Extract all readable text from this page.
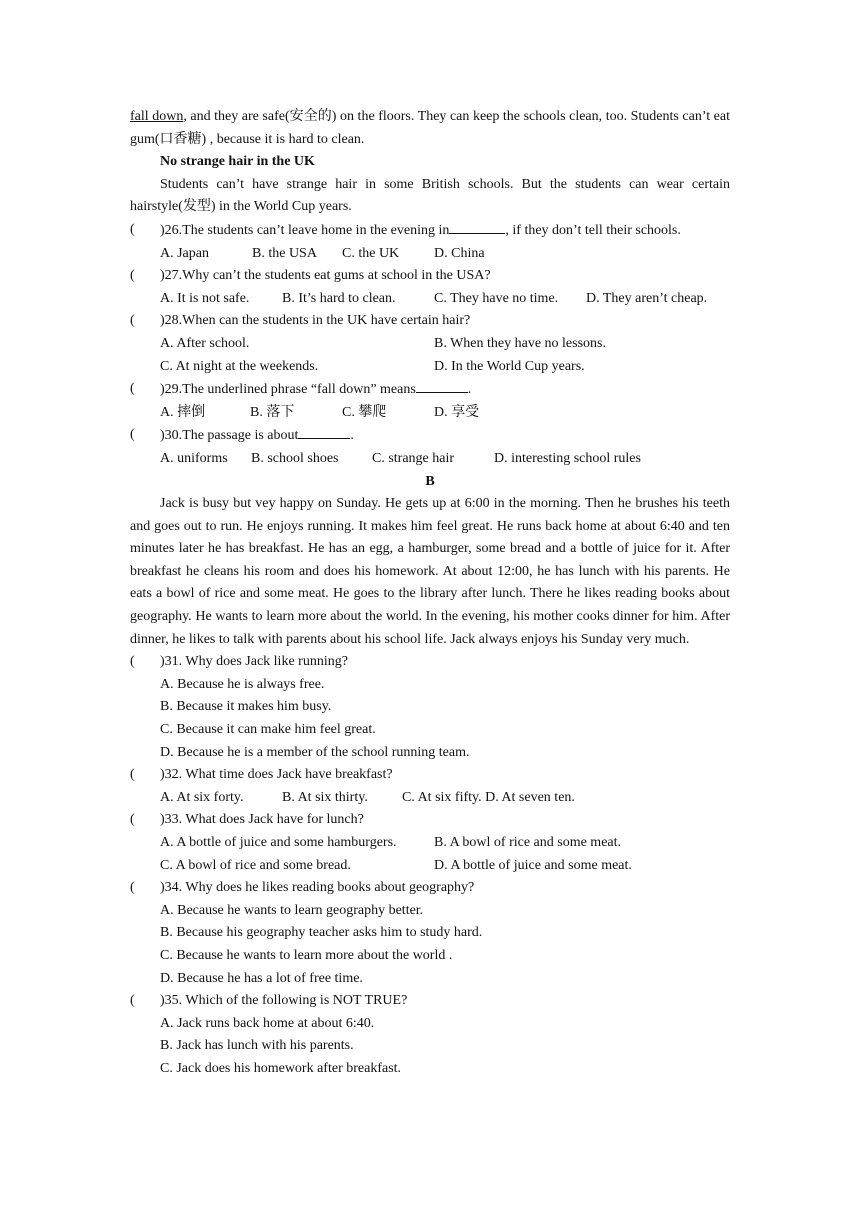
fall down, and they are safe(安全的) on the floors. They can keep the schools clean, too. Students can’t eat gum(口香糖) , because it is hard to clean.

No strange hair in the UK

Students can’t have strange hair in some British schools. But the students can wear certain hairstyle(发型) in the World Cup years.

(	)26.The students can’t leave home in the evening in	, if they don’t tell their schools.
A. Japan	B. the USA	C. the UK	D. China
(	)27.Why can’t the students eat gums at school in the USA?
A. It is not safe.	B. It’s hard to clean.	C. They have no time.	D. They aren’t cheap.
(	)28.When can the students in the UK have certain hair?
A. After school.	B. When they have no lessons.
C. At night at the weekends.	D. In the World Cup years.
(	)29.The underlined phrase “fall down” means	.
A. 摔倒	B. 落下	C. 攀爬	D. 享受
(	)30.The passage is about	.
A. uniforms	B. school shoes	C. strange hair	D. interesting school rules

B

Jack is busy but vey happy on Sunday. He gets up at 6:00 in the morning. Then he brushes his teeth and goes out to run. He enjoys running. It makes him feel great. He runs back home at about 6:40 and ten minutes later he has breakfast. He has an egg, a hamburger, some bread and a bottle of juice for it. After breakfast he cleans his room and does his homework. At about 12:00, he has lunch with his parents. He eats a bowl of rice and some meat. He goes to the library after lunch. There he likes reading books about geography. He wants to learn more about the world. In the evening, his mother cooks dinner for him. After dinner, he likes to talk with parents about his school life. Jack always enjoys his Sunday very much.

(	)31. Why does Jack like running?

A. Because he is always free.

B. Because it makes him busy.

C. Because it can make him feel great.

D. Because he is a member of the school running team.

(	)32. What time does Jack have breakfast?
A. At six forty.	B. At six thirty.	C. At six fifty. D. At seven ten.
(	)33. What does Jack have for lunch?
A. A bottle of juice and some hamburgers.	B. A bowl of rice and some meat.
C. A bowl of rice and some bread.	D. A bottle of juice and some meat.
(	)34. Why does he likes reading books about geography?

A. Because he wants to learn geography better.

B. Because his geography teacher asks him to study hard.

C. Because he wants to learn more about the world .

D. Because he has a lot of free time.

(	)35. Which of the following is NOT TRUE?

A. Jack runs back home at about 6:40.

B. Jack has lunch with his parents.

C. Jack does his homework after breakfast.
